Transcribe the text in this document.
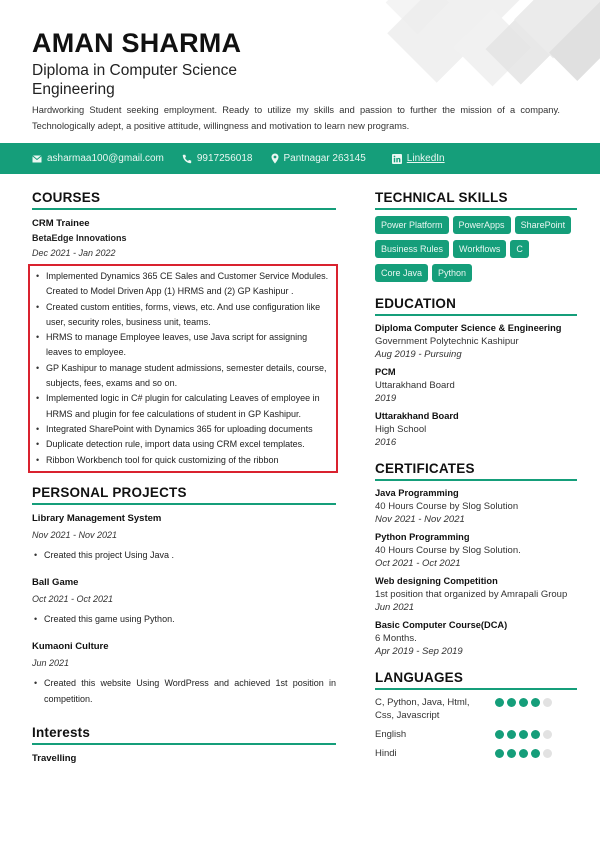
AMAN SHARMA
Diploma in Computer Science Engineering

Hardworking Student seeking employment. Ready to utilize my skills and passion to further the mission of a company. Technologically adept, a positive attitude, willingness and motivation to learn new programs.

asharmaa100@gmail.com	9917256018	Pantnagar 263145	LinkedIn
COURSES
CRM Trainee
BetaEdge Innovations
Dec 2021 - Jan 2022
• Implemented Dynamics 365 CE Sales and Customer Service Modules. Created to Model Driven App (1) HRMS and (2) GP Kashipur .
• Created custom entities, forms, views, etc. And use configuration like user, security roles, business unit, teams.
• HRMS to manage Employee leaves, use Java script for assigning leaves to employee.
• GP Kashipur to manage student admissions, semester details, course, subjects, fees, exams and so on.
• Implemented logic in C# plugin for calculating Leaves of employee in HRMS and plugin for fee calculations of student in GP Kashipur.
• Integrated SharePoint with Dynamics 365 for uploading documents
• Duplicate detection rule, import data using CRM excel templates.
• Ribbon Workbench tool for quick customizing of the ribbon
PERSONAL PROJECTS
Library Management System
Nov 2021 - Nov 2021
• Created this project Using Java .
Ball Game
Oct 2021 - Oct 2021
• Created this game using Python.
Kumaoni Culture
Jun 2021
• Created this website Using WordPress and achieved 1st position in competition.
Interests
Travelling
TECHNICAL SKILLS
Power Platform	PowerApps	SharePoint
Business Rules	Workflows	C
Core Java	Python
EDUCATION
Diploma Computer Science & Engineering
Government Polytechnic Kashipur
Aug 2019 - Pursuing
PCM
Uttarakhand Board
2019
Uttarakhand Board
High School
2016
CERTIFICATES
Java Programming
40 Hours Course by Slog Solution
Nov 2021 - Nov 2021
Python Programming
40 Hours Course by Slog Solution.
Oct 2021 - Oct 2021
Web designing Competition
1st position that organized by Amrapali Group
Jun 2021
Basic Computer Course(DCA)
6 Months.
Apr 2019 - Sep 2019
LANGUAGES
C, Python, Java, Html, Css, Javascript
English
Hindi
